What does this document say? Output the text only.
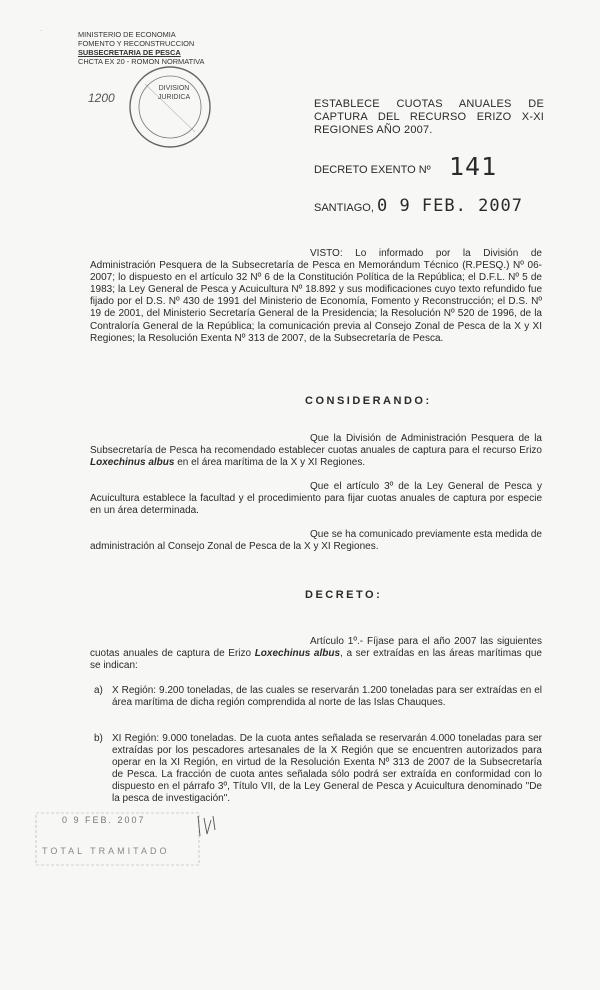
·	MINISTERIO DE ECONOMIA
FOMENTO Y RECONSTRUCCION
SUBSECRETARIA DE PESCA
CHCTA EX 20 - ROMON NORMATIVA
DIVISION
JURIDICA
1200	ESTABLECE CUOTAS ANUALES DE CAPTURA DEL RECURSO ERIZO X-XI REGIONES AÑO 2007.
DECRETO EXENTO Nº 141
SANTIAGO, 0 9 FEB. 2007
VISTO: Lo informado por la División de Administración Pesquera de la Subsecretaría de Pesca en Memorándum Técnico (R.PESQ.) Nº 06-2007; lo dispuesto en el artículo 32 Nº 6 de la Constitución Política de la República; el D.F.L. Nº 5 de 1983; la Ley General de Pesca y Acuicultura Nº 18.892 y sus modificaciones cuyo texto refundido fue fijado por el D.S. Nº 430 de 1991 del Ministerio de Economía, Fomento y Reconstrucción; el D.S. Nº 19 de 2001, del Ministerio Secretaría General de la Presidencia; la Resolución Nº 520 de 1996, de la Contraloría General de la República; la comunicación previa al Consejo Zonal de Pesca de la X y XI Regiones; la Resolución Exenta Nº 313 de 2007, de la Subsecretaría de Pesca.
CONSIDERANDO:
Que la División de Administración Pesquera de la Subsecretaría de Pesca ha recomendado establecer cuotas anuales de captura para el recurso Erizo Loxechinus albus en el área marítima de la X y XI Regiones.
Que el artículo 3º de la Ley General de Pesca y Acuicultura establece la facultad y el procedimiento para fijar cuotas anuales de captura por especie en un área determinada.
Que se ha comunicado previamente esta medida de administración al Consejo Zonal de Pesca de la X y XI Regiones.
DECRETO:
Artículo 1º.- Fíjase para el año 2007 las siguientes cuotas anuales de captura de Erizo Loxechinus albus, a ser extraídas en las áreas marítimas que se indican:
a) X Región: 9.200 toneladas, de las cuales se reservarán 1.200 toneladas para ser extraídas en el área marítima de dicha región comprendida al norte de las Islas Chauques.
b) XI Región: 9.000 toneladas. De la cuota antes señalada se reservarán 4.000 toneladas para ser extraídas por los pescadores artesanales de la X Región que se encuentren autorizados para operar en la XI Región, en virtud de la Resolución Exenta Nº 313 de 2007 de la Subsecretaría de Pesca. La fracción de cuota antes señalada sólo podrá ser extraída en conformidad con lo dispuesto en el párrafo 3º, Título VII, de la Ley General de Pesca y Acuicultura denominado "De la pesca de investigación".
0 9 FEB. 2007
TOTAL TRAMITADO
